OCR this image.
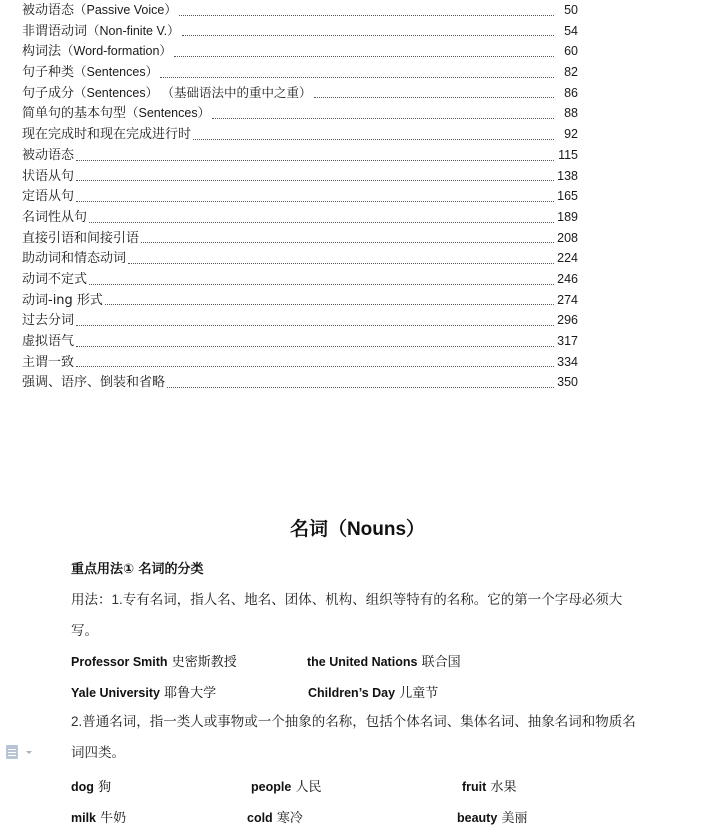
被动语态（Passive Voice）	50
非谓语动词（Non-finite V.）	54
构词法（Word-formation）	60
句子种类（Sentences）	82
句子成分（Sentences） （基础语法中的重中之重）	86
简单句的基本句型（Sentences）	88
现在完成时和现在完成进行时	92
被动语态	115
状语从句	138
定语从句	165
名词性从句	189
直接引语和间接引语	208
助动词和情态动词	224
动词不定式	246
动词-ing 形式	274
过去分词	296
虚拟语气	317
主谓一致	334
强调、语序、倒装和省略	350
名词（Nouns）
重点用法① 名词的分类
用法：1.专有名词，指人名、地名、团体、机构、组织等特有的名称。它的第一个字母必须大写。
Professor Smith 史密斯教授	the United Nations 联合国
Yale University 耶鲁大学	Children’s Day 儿童节
2.普通名词，指一类人或事物或一个抽象的名称，包括个体名词、集体名词、抽象名词和物质名词四类。
dog 狗	people 人民	fruit 水果
milk 牛奶	cold 寒冷	beauty 美丽
